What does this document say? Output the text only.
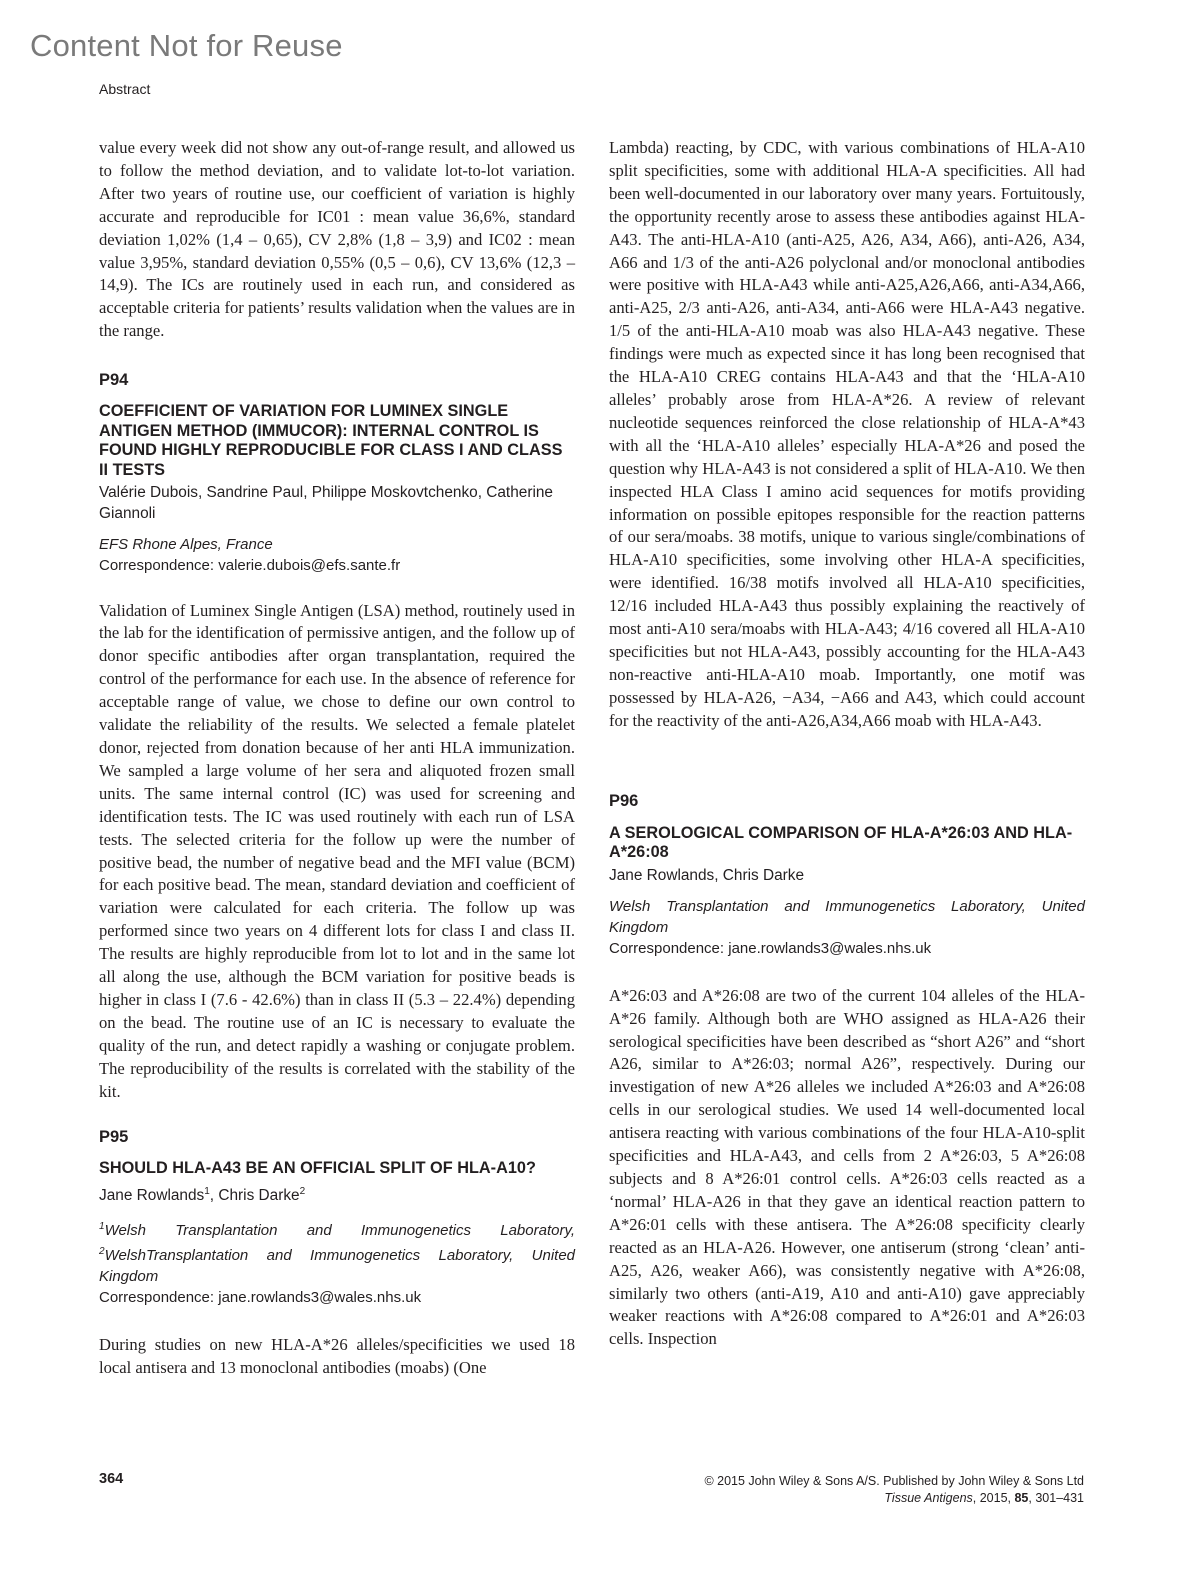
Content Not for Reuse
Abstract

value every week did not show any out-of-range result, and allowed us to follow the method deviation, and to validate lot-to-lot variation. After two years of routine use, our coefficient of variation is highly accurate and reproducible for IC01 : mean value 36,6%, standard deviation 1,02% (1,4 – 0,65), CV 2,8% (1,8 – 3,9) and IC02 : mean value 3,95%, standard deviation 0,55% (0,5 – 0,6), CV 13,6% (12,3 – 14,9). The ICs are routinely used in each run, and considered as acceptable criteria for patients’ results validation when the values are in the range.

P94

COEFFICIENT OF VARIATION FOR LUMINEX SINGLE ANTIGEN METHOD (IMMUCOR): INTERNAL CONTROL IS FOUND HIGHLY REPRODUCIBLE FOR CLASS I AND CLASS II TESTS

Valérie Dubois, Sandrine Paul, Philippe Moskovtchenko, Catherine Giannoli

EFS Rhone Alpes, France

Correspondence: valerie.dubois@efs.sante.fr

Validation of Luminex Single Antigen (LSA) method, routinely used in the lab for the identification of permissive antigen, and the follow up of donor specific antibodies after organ transplantation, required the control of the performance for each use. In the absence of reference for acceptable range of value, we chose to define our own control to validate the reliability of the results. We selected a female platelet donor, rejected from donation because of her anti HLA immunization. We sampled a large volume of her sera and aliquoted frozen small units. The same internal control (IC) was used for screening and identification tests. The IC was used routinely with each run of LSA tests. The selected criteria for the follow up were the number of positive bead, the number of negative bead and the MFI value (BCM) for each positive bead. The mean, standard deviation and coefficient of variation were calculated for each criteria. The follow up was performed since two years on 4 different lots for class I and class II. The results are highly reproducible from lot to lot and in the same lot all along the use, although the BCM variation for positive beads is higher in class I (7.6 - 42.6%) than in class II (5.3 – 22.4%) depending on the bead. The routine use of an IC is necessary to evaluate the quality of the run, and detect rapidly a washing or conjugate problem. The reproducibility of the results is correlated with the stability of the kit.

P95

SHOULD HLA-A43 BE AN OFFICIAL SPLIT OF HLA-A10?

Jane Rowlands$^1$, Chris Darke$^2$

$^1$Welsh Transplantation and Immunogenetics Laboratory, $^2$WelshTransplantation and Immunogenetics Laboratory, United Kingdom

Correspondence: jane.rowlands3@wales.nhs.uk

During studies on new HLA-A*26 alleles/specificities we used 18 local antisera and 13 monoclonal antibodies (moabs) (One

Lambda) reacting, by CDC, with various combinations of HLA-A10 split specificities, some with additional HLA-A specificities. All had been well-documented in our laboratory over many years. Fortuitously, the opportunity recently arose to assess these antibodies against HLA-A43. The anti-HLA-A10 (anti-A25, A26, A34, A66), anti-A26, A34, A66 and 1/3 of the anti-A26 polyclonal and/or monoclonal antibodies were positive with HLA-A43 while anti-A25,A26,A66, anti-A34,A66, anti-A25, 2/3 anti-A26, anti-A34, anti-A66 were HLA-A43 negative. 1/5 of the anti-HLA-A10 moab was also HLA-A43 negative. These findings were much as expected since it has long been recognised that the HLA-A10 CREG contains HLA-A43 and that the ‘HLA-A10 alleles’ probably arose from HLA-A*26. A review of relevant nucleotide sequences reinforced the close relationship of HLA-A*43 with all the ‘HLA-A10 alleles’ especially HLA-A*26 and posed the question why HLA-A43 is not considered a split of HLA-A10. We then inspected HLA Class I amino acid sequences for motifs providing information on possible epitopes responsible for the reaction patterns of our sera/moabs. 38 motifs, unique to various single/combinations of HLA-A10 specificities, some involving other HLA-A specificities, were identified. 16/38 motifs involved all HLA-A10 specificities, 12/16 included HLA-A43 thus possibly explaining the reactively of most anti-A10 sera/moabs with HLA-A43; 4/16 covered all HLA-A10 specificities but not HLA-A43, possibly accounting for the HLA-A43 non-reactive anti-HLA-A10 moab. Importantly, one motif was possessed by HLA-A26, −A34, −A66 and A43, which could account for the reactivity of the anti-A26,A34,A66 moab with HLA-A43.

P96

A SEROLOGICAL COMPARISON OF HLA-A*26:03 AND HLA-A*26:08

Jane Rowlands, Chris Darke

Welsh Transplantation and Immunogenetics Laboratory, United Kingdom

Correspondence: jane.rowlands3@wales.nhs.uk

A*26:03 and A*26:08 are two of the current 104 alleles of the HLA-A*26 family. Although both are WHO assigned as HLA-A26 their serological specificities have been described as “short A26” and “short A26, similar to A*26:03; normal A26”, respectively. During our investigation of new A*26 alleles we included A*26:03 and A*26:08 cells in our serological studies. We used 14 well-documented local antisera reacting with various combinations of the four HLA-A10-split specificities and HLA-A43, and cells from 2 A*26:03, 5 A*26:08 subjects and 8 A*26:01 control cells. A*26:03 cells reacted as a ‘normal’ HLA-A26 in that they gave an identical reaction pattern to A*26:01 cells with these antisera. The A*26:08 specificity clearly reacted as an HLA-A26. However, one antiserum (strong ‘clean’ anti-A25, A26, weaker A66), was consistently negative with A*26:08, similarly two others (anti-A19, A10 and anti-A10) gave appreciably weaker reactions with A*26:08 compared to A*26:01 and A*26:03 cells. Inspection

364	© 2015 John Wiley & Sons A/S. Published by John Wiley & Sons Ltd
Tissue Antigens, 2015, 85, 301–431
